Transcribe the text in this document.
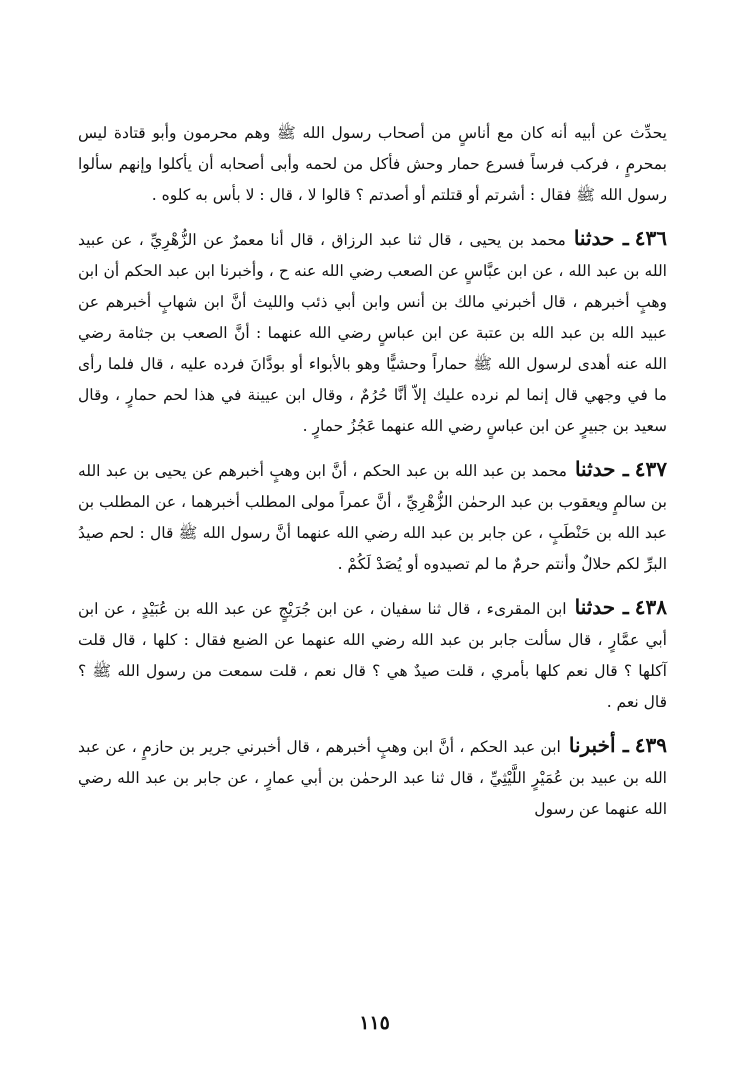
يحدِّث عن أبيه أنه كان مع أناسٍ من أصحاب رسول الله ﷺ وهم محرمون وأبو قتادة ليس بمحرمٍ ، فركب فرساً فسرع حمار وحش فأكل من لحمه وأبى أصحابه أن يأكلوا وإنهم سألوا رسول الله ﷺ فقال : أشرتم أو قتلتم أو أصدتم ؟ قالوا لا ، قال : لا بأس به كلوه .

٤٣٦ـ حدثنامحمد بن يحيى ، قال ثنا عبد الرزاق ، قال أنا معمرٌ عن الزُّهْرِيِّ ، عن عبيد الله بن عبد الله ، عن ابن عبَّاسٍ عن الصعب رضي الله عنه ح ، وأخبرنا ابن عبد الحكم أن ابن وهبٍ أخبرهم ، قال أخبرني مالك بن أنس وابن أبي ذئب والليث أنَّ ابن شهابٍ أخبرهم عن عبيد الله بن عبد الله بن عتبة عن ابن عباسٍ رضي الله عنهما : أنَّ الصعب بن جثامة رضي الله عنه أهدى لرسول الله ﷺ حماراً وحشيًّا وهو بالأبواء أو بودَّانَ فرده عليه ، قال فلما رأى ما في وجهي قال إنما لم نرده عليك إلاّ أنَّا حُرُمٌ ، وقال ابن عيينة في هذا لحم حمارٍ ، وقال سعيد بن جبيرٍ عن ابن عباسٍ رضي الله عنهما عَجُزُ حمارٍ .

٤٣٧ـ حدثنامحمد بن عبد الله بن عبد الحكم ، أنَّ ابن وهبٍ أخبرهم عن يحيى بن عبد الله بن سالمٍ ويعقوب بن عبد الرحمٰن الزُّهْرِيِّ ، أنَّ عمراً مولى المطلب أخبرهما ، عن المطلب بن عبد الله بن حَنْطَبٍ ، عن جابر بن عبد الله رضي الله عنهما أنَّ رسول الله ﷺ قال : لحم صيدُ البرِّ لكم حلالٌ وأنتم حرمٌ ما لم تصيدوه أو يُصَدْ لَكُمْ .

٤٣٨ـ حدثناابن المقرىء ، قال ثنا سفيان ، عن ابن جُرَيْجٍ عن عبد الله بن عُبَيْدٍ ، عن ابن أبي عمَّارٍ ، قال سألت جابر بن عبد الله رضي الله عنهما عن الضبع فقال : كلها ، قال قلت آكلها ؟ قال نعم كلها بأمري ، قلت صيدٌ هي ؟ قال نعم ، قلت سمعت من رسول الله ﷺ ؟ قال نعم .

٤٣٩ـ أخبرناابن عبد الحكم ، أنَّ ابن وهبٍ أخبرهم ، قال أخبرني جرير بن حازمٍ ، عن عبد الله بن عبيد بن عُمَيْرٍ اللَّيْثِيِّ ، قال ثنا عبد الرحمٰن بن أبي عمارٍ ، عن جابر بن عبد الله رضي الله عنهما عن رسول

١١٥
